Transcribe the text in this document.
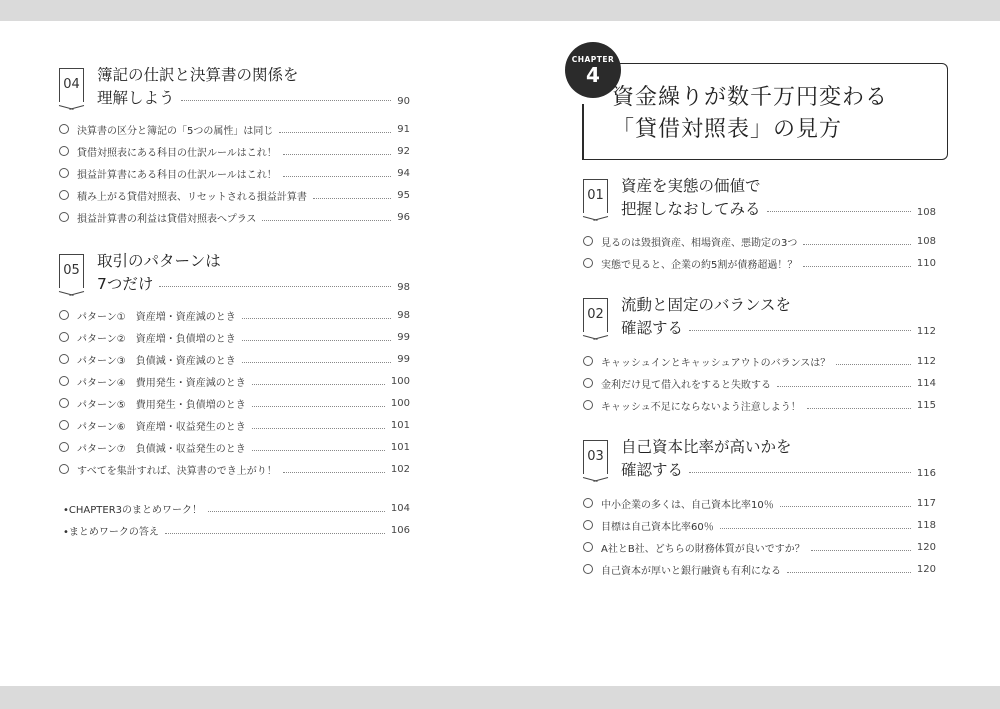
04
簿記の仕訳と決算書の関係を
理解しよう	90
決算書の区分と簿記の「5つの属性」は同じ	91
貸借対照表にある科目の仕訳ルールはこれ！	92
損益計算書にある科目の仕訳ルールはこれ！	94
積み上がる貸借対照表、リセットされる損益計算書	95
損益計算書の利益は貸借対照表へプラス	96
05
取引のパターンは
7つだけ	98
パターン①　資産増・資産減のとき	98
パターン②　資産増・負債増のとき	99
パターン③　負債減・資産減のとき	99
パターン④　費用発生・資産減のとき	100
パターン⑤　費用発生・負債増のとき	100
パターン⑥　資産増・収益発生のとき	101
パターン⑦　負債減・収益発生のとき	101
すべてを集計すれば、決算書のでき上がり！	102
•CHAPTER3のまとめワーク！	104
•まとめワークの答え	106
CHAPTER
4
資金繰りが数千万円変わる
「貸借対照表」の見方
01
資産を実態の価値で
把握しなおしてみる	108
見るのは毀損資産、相場資産、悪勘定の3つ	108
実態で見ると、企業の約5割が債務超過！？	110
02
流動と固定のバランスを
確認する	112
キャッシュインとキャッシュアウトのバランスは？	112
金利だけ見て借入れをすると失敗する	114
キャッシュ不足にならないよう注意しよう！	115
03
自己資本比率が高いかを
確認する	116
中小企業の多くは、自己資本比率10％	117
目標は自己資本比率60％	118
A社とB社、どちらの財務体質が良いですか？	120
自己資本が厚いと銀行融資も有利になる	120
